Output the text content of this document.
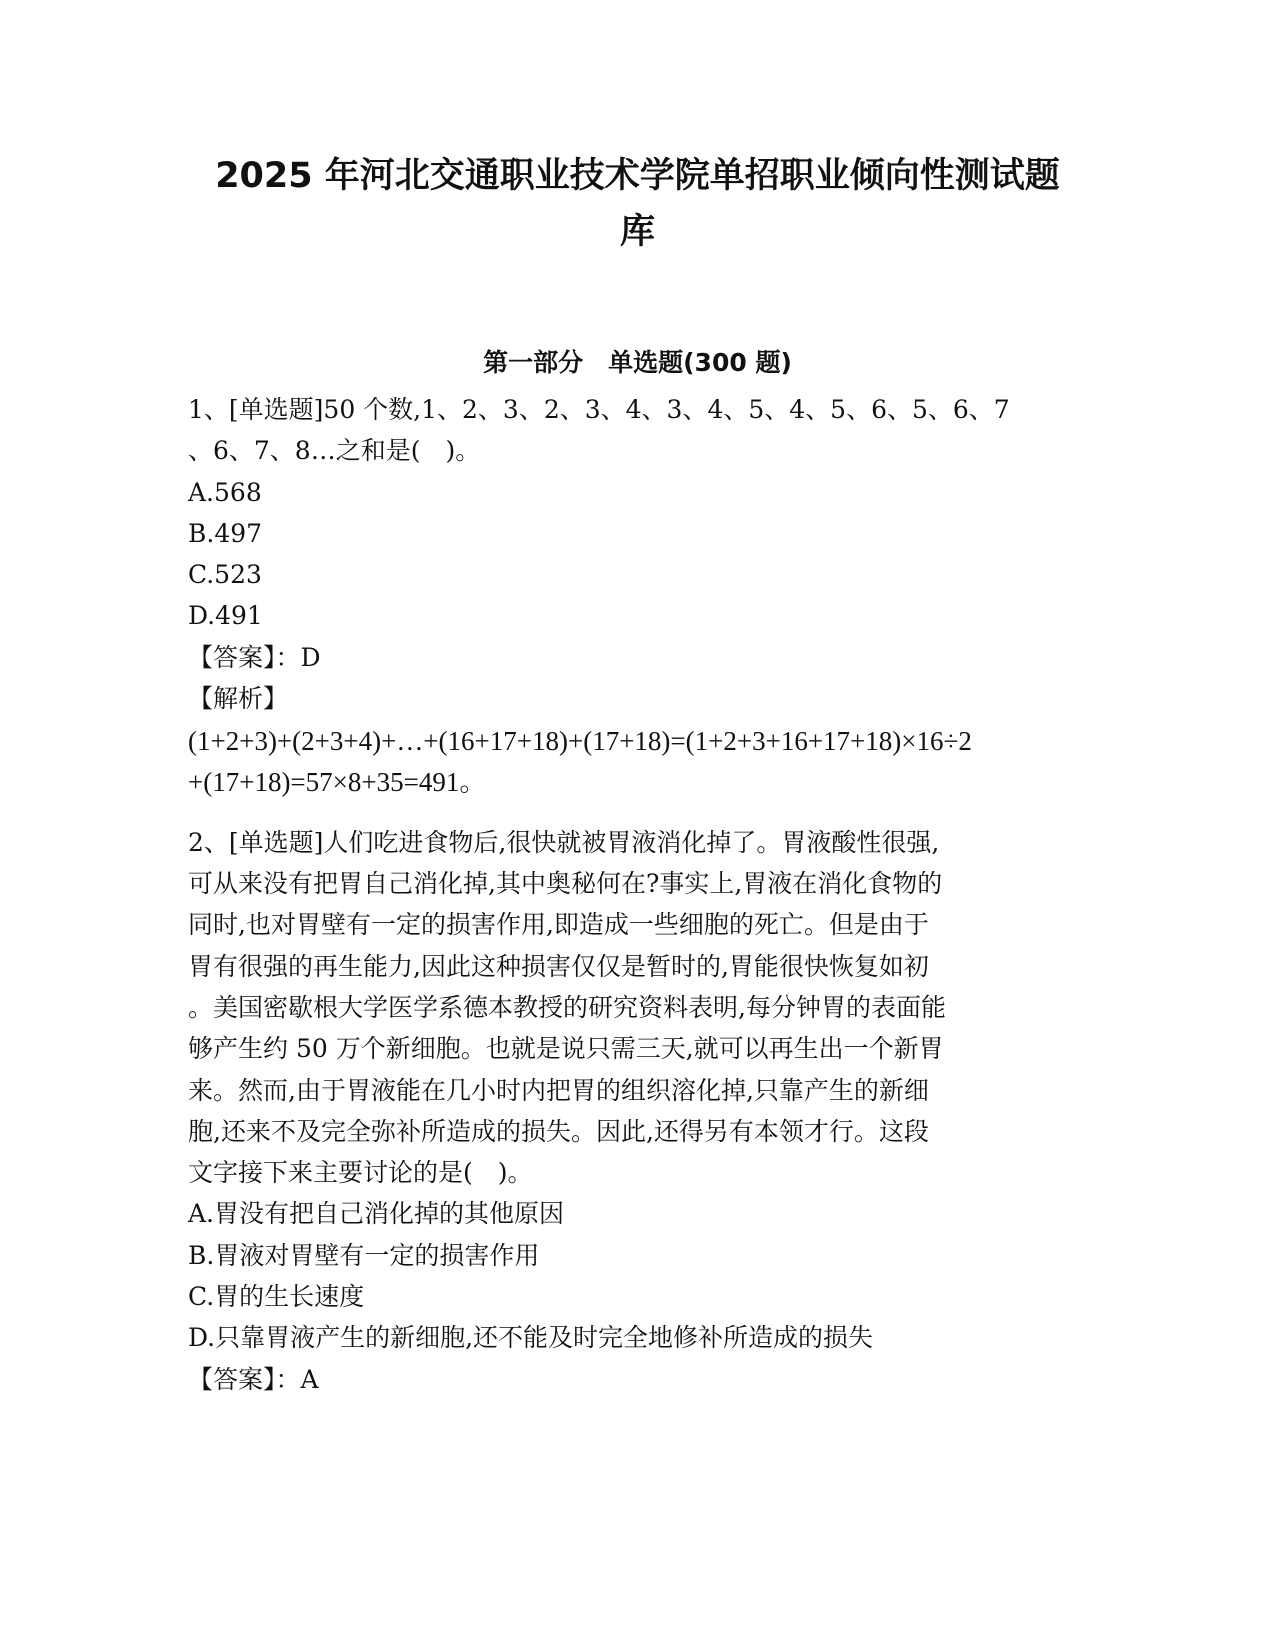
2025 年河北交通职业技术学院单招职业倾向性测试题
库
第一部分　单选题(300 题)

1、[单选题]50 个数,1、2、3、2、3、4、3、4、5、4、5、6、5、6、7

、6、7、8…之和是(　)。

A.568

B.497

C.523

D.491

【答案】：D

【解析】

(1+2+3)+(2+3+4)+…+(16+17+18)+(17+18)=(1+2+3+16+17+18)×16÷2

+(17+18)=57×8+35=491。

2、[单选题]人们吃进食物后,很快就被胃液消化掉了。胃液酸性很强,

可从来没有把胃自己消化掉,其中奥秘何在?事实上,胃液在消化食物的

同时,也对胃壁有一定的损害作用,即造成一些细胞的死亡。但是由于

胃有很强的再生能力,因此这种损害仅仅是暂时的,胃能很快恢复如初

。美国密歇根大学医学系德本教授的研究资料表明,每分钟胃的表面能

够产生约 50 万个新细胞。也就是说只需三天,就可以再生出一个新胃

来。然而,由于胃液能在几小时内把胃的组织溶化掉,只靠产生的新细

胞,还来不及完全弥补所造成的损失。因此,还得另有本领才行。这段

文字接下来主要讨论的是(　)。

A.胃没有把自己消化掉的其他原因

B.胃液对胃壁有一定的损害作用

C.胃的生长速度

D.只靠胃液产生的新细胞,还不能及时完全地修补所造成的损失

【答案】：A
